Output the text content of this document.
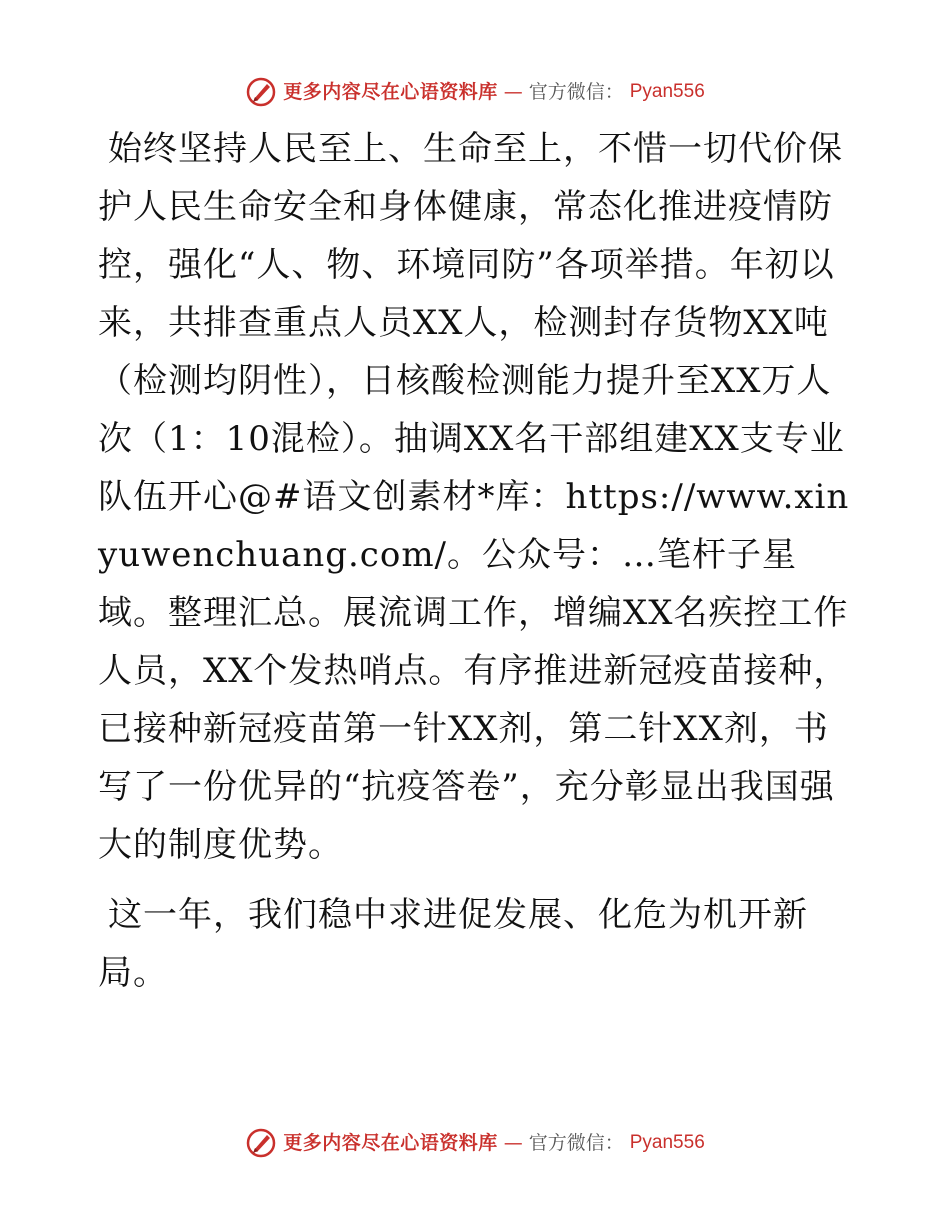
更多内容尽在心语资料库 — 官方微信： Pyan556

始终坚持人民至上、生命至上，不惜一切代价保护人民生命安全和身体健康，常态化推进疫情防控，强化“人、物、环境同防”各项举措。年初以来，共排查重点人员XX人，检测封存货物XX吨（检测均阴性），日核酸检测能力提升至XX万人次（1：10混检）。抽调XX名干部组建XX支专业队伍开心@#语文创素材*库：https://www.xinyuwenchuang.com/。公众号：…笔杆子星域。整理汇总。展流调工作，增编XX名疾控工作人员，XX个发热哨点。有序推进新冠疫苗接种，已接种新冠疫苗第一针XX剂，第二针XX剂，书写了一份优异的“抗疫答卷”，充分彰显出我国强大的制度优势。

这一年，我们稳中求进促发展、化危为机开新局。

更多内容尽在心语资料库 — 官方微信： Pyan556
